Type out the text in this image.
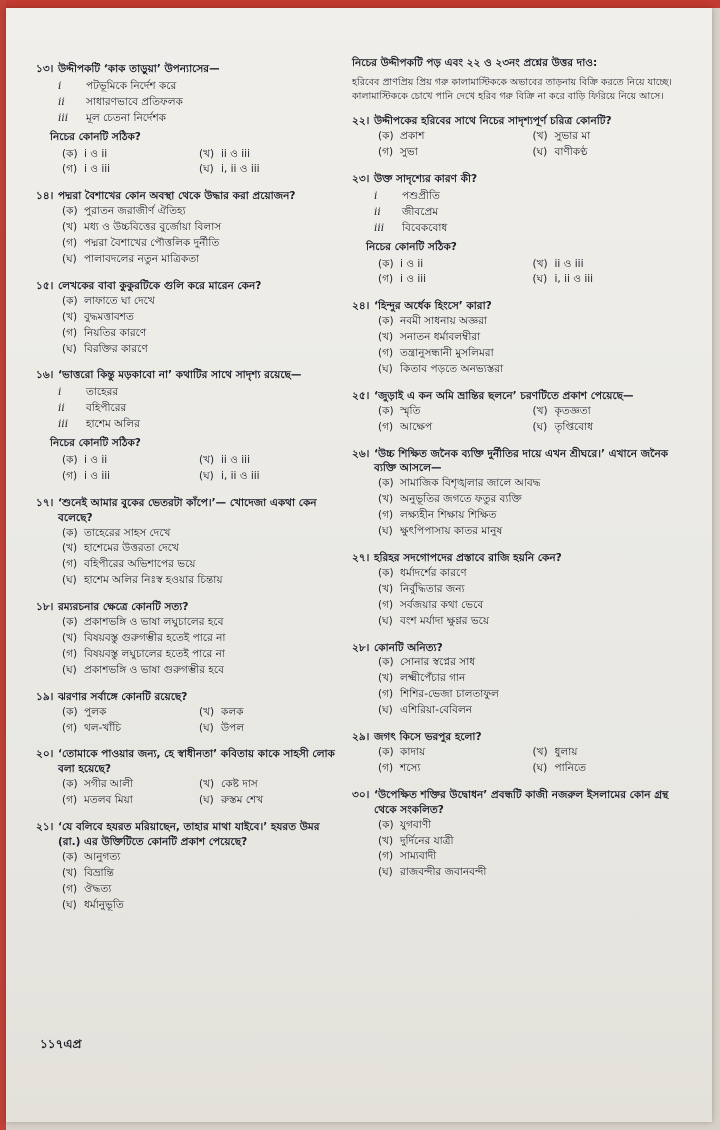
১৩। উদ্দীপকটি ‘কাক তাড়ুয়া’ উপন্যাসের—
i	পটভূমিকে নির্দেশ করে
ii	সাধারণভাবে প্রতিফলক
iii	মূল চেতনা নির্দেশক
নিচের কোনটি সঠিক?
(ক) i ও ii	(খ) ii ও iii
(গ) i ও iii	(ঘ) i, ii ও iii
১৪। পদ্মরা বৈশাখের কোন অবস্থা থেকে উদ্ধার করা প্রয়োজন?
(ক) পুরাতন জরাজীর্ণ ঐতিহ্য
(খ) মধ্য ও উচ্চবিত্তের বুর্জোয়া বিলাস
(গ) পদ্মরা বৈশাখের পৌত্তলিক দুর্নীতি
(ঘ) পালাবদলের নতুন মাত্রিকতা
১৫। লেখকের বাবা কুকুরটিকে গুলি করে মারেন কেন?
(ক) লাফাতে ঘা দেখে
(খ) বুদ্ধমত্তাবশত
(গ) নিয়তির কারণে
(ঘ) বিরক্তির কারণে
১৬। ‘ভাত্তরো কিন্তু মড়কাবো না’ কথাটির সাথে সাদৃশ্য রয়েছে—
i	তাহেরর
ii	বহিপীরের
iii	হাশেম অলির
নিচের কোনটি সঠিক?
(ক) i ও ii	(খ) ii ও iii
(গ) i ও iii	(ঘ) i, ii ও iii
১৭। ‘শুনেই আমার বুকের ভেতরটা কাঁপে।’— খোদেজা একথা কেন বলেছে?
(ক) তাহেরের সাহস দেখে
(খ) হাশেমের উত্তরতা দেখে
(গ) বহিপীরের অভিশাপের ভয়ে
(ঘ) হাশেম অলির নিঃস্ব হওয়ার চিন্তায়
১৮। রম্যরচনার ক্ষেত্রে কোনটি সত্য?
(ক) প্রকাশভঙ্গি ও ভাষা লঘুচালের হবে
(খ) বিষয়বস্তু গুরুগম্ভীর হতেই পারে না
(গ) বিষয়বস্তু লঘুচালের হতেই পারে না
(ঘ) প্রকাশভঙ্গি ও ভাষা গুরুগম্ভীর হবে
১৯। ঝরণার সর্বাঙ্গে কোনটি রয়েছে?
(ক) পুলক	(খ) কলক
(গ) থল-খাঁচি	(ঘ) উপল
২০। ‘তোমাকে পাওয়ার জন্য, হে স্বাধীনতা’ কবিতায় কাকে সাহসী লোক বলা হয়েছে?
(ক) সগীর আলী	(খ) কেষ্ট দাস
(গ) মতলব মিয়া	(ঘ) রুস্তম শেখ
২১। ‘যে বলিবে হযরত মরিয়াছেন, তাহার মাথা যাইবে।’ হযরত উমর (রা.) এর উক্তিটিতে কোনটি প্রকাশ পেয়েছে?
(ক) আনুগত্য
(খ) বিভ্রান্তি
(গ) ঔদ্ধত্য
(ঘ) ধর্মানুভূতি
নিচের উদ্দীপকটি পড় এবং ২২ ও ২৩নং প্রশ্নের উত্তর দাও:
হরিবেব প্রাণপ্রিয় প্রিয় গরু কালামাস্টিককে অভাবের তাড়নায় বিক্রি করতে নিয়ে যাচ্ছে। কালামাস্টিককে চোখে পানি দেখে হরিব গরু বিক্রি না করে বাড়ি ফিরিয়ে নিয়ে আসে।
২২। উদ্দীপকের হরিবের সাথে নিচের সাদৃশ্যপূর্ণ চরিত্র কোনটি?
(ক) প্রকাশ	(খ) সুভার মা
(গ) সুভা	(ঘ) বাণীকণ্ঠ
২৩। উক্ত সাদৃশ্যের কারণ কী?
i	পশুপ্রীতি
ii	জীবপ্রেম
iii	বিবেকবোধ
নিচের কোনটি সঠিক?
(ক) i ও ii	(খ) ii ও iii
(গ) i ও iii	(ঘ) i, ii ও iii
২৪। ‘হিন্দুর অর্ধেক হিংসে’ কারা?
(ক) নবমী সাধনায় অজ্ঞরা
(খ) সনাতন ধর্মাবলম্বীরা
(গ) তন্ত্রানুসন্ধানী মুসলিমরা
(ঘ) কিতাব পড়তে অনভ্যস্তরা
২৫। ‘জুড়াই এ কন অমি ভ্রান্তির ছলনে’ চরণটিতে প্রকাশ পেয়েছে—
(ক) স্মৃতি	(খ) কৃতজ্ঞতা
(গ) আক্ষেপ	(ঘ) তৃপ্তিবোধ
২৬। ‘উচ্চ শিক্ষিত জনৈক ব্যক্তি দুর্নীতির দায়ে এখন শ্রীঘরে।’ এখানে জনৈক ব্যক্তি আসলে—
(ক) সামাজিক বিশৃঙ্খলার জালে আবদ্ধ
(খ) অনুভূতির জগতে ফতুর ব্যক্তি
(গ) লক্ষ্যহীন শিক্ষায় শিক্ষিত
(ঘ) ক্ষুৎপিপাসায় কাতর মানুষ
২৭। হরিহর সদগোপদের প্রস্তাবে রাজি হয়নি কেন?
(ক) ধর্মাদর্শের কারণে
(খ) নির্বুদ্ধিতার জন্য
(গ) সর্বজয়ার কথা ভেবে
(ঘ) বংশ মর্যাদা ক্ষুণ্ণর ভয়ে
২৮। কোনটি অনিত্য?
(ক) সোনার স্বপ্নের সাধ
(খ) লক্ষ্মীপেঁচার গান
(গ) শিশির-ভেজা চালতাফুল
(ঘ) এশিরিয়া-বেবিলন
২৯। জগৎ কিসে ভরপুর হলো?
(ক) কাদায়	(খ) ধুলায়
(গ) শস্যে	(ঘ) পানিতে
৩০। ‘উপেক্ষিত শক্তির উদ্বোধন’ প্রবন্ধটি কাজী নজরুল ইসলামের কোন গ্রন্থ থেকে সংকলিত?
(ক) যুগবাণী
(খ) দুর্দিনের যাত্রী
(গ) সাম্যবাদী
(ঘ) রাজবন্দীর জবানবন্দী
১১৭এপ্র
